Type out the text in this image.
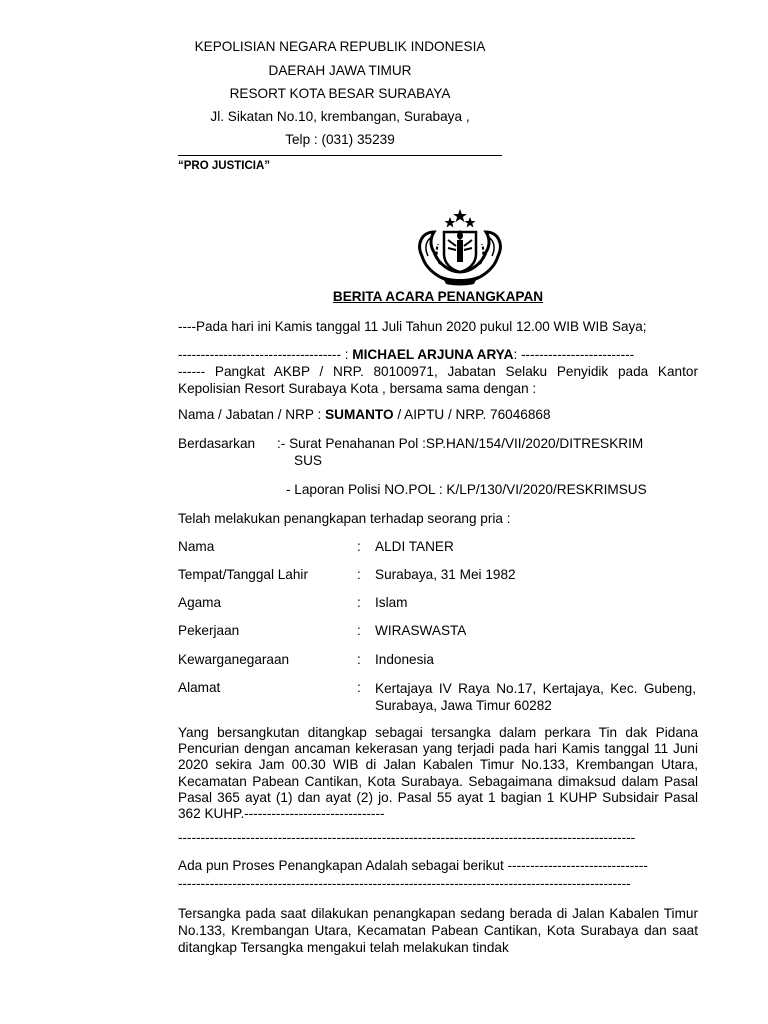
KEPOLISIAN NEGARA REPUBLIK INDONESIA
DAERAH JAWA TIMUR
RESORT KOTA BESAR SURABAYA
Jl. Sikatan No.10, krembangan, Surabaya ,
Telp : (031) 35239
“PRO JUSTICIA”
BERITA ACARA PENANGKAPAN
----Pada hari ini Kamis tanggal 11 Juli Tahun 2020 pukul 12.00 WIB WIB Saya;
------------------------------------ : MICHAEL ARJUNA ARYA: -------------------------
------ Pangkat AKBP / NRP. 80100971, Jabatan Selaku Penyidik pada Kantor Kepolisian Resort Surabaya Kota , bersama sama dengan :
Nama / Jabatan / NRP : SUMANTO / AIPTU / NRP. 76046868
Berdasarkan :- Surat Penahanan Pol :SP.HAN/154/VII/2020/DITRESKRIM
SUS
- Laporan Polisi NO.POL : K/LP/130/VI/2020/RESKRIMSUS
Telah melakukan penangkapan terhadap seorang pria :
Nama	: ALDI TANER
Tempat/Tanggal Lahir	: Surabaya, 31 Mei 1982
Agama	: Islam
Pekerjaan	: WIRASWASTA
Kewarganegaraan	: Indonesia
Alamat	: Kertajaya IV Raya No.17, Kertajaya, Kec. Gubeng, Surabaya, Jawa Timur 60282
Yang bersangkutan ditangkap sebagai tersangka dalam perkara Tin dak Pidana Pencurian dengan ancaman kekerasan yang terjadi pada hari Kamis tanggal 11 Juni 2020 sekira Jam 00.30 WIB di Jalan Kabalen Timur No.133, Krembangan Utara, Kecamatan Pabean Cantikan, Kota Surabaya. Sebagaimana dimaksud dalam Pasal Pasal 365 ayat (1) dan ayat (2) jo. Pasal 55 ayat 1 bagian 1 KUHP Subsidair Pasal 362 KUHP.-------------------------------
-----------------------------------------------------------------------------------------------------
Ada pun Proses Penangkapan Adalah sebagai berikut -------------------------------
----------------------------------------------------------------------------------------------------
Tersangka pada saat dilakukan penangkapan sedang berada di Jalan Kabalen Timur No.133, Krembangan Utara, Kecamatan Pabean Cantikan, Kota Surabaya dan saat ditangkap Tersangka mengakui telah melakukan tindak
